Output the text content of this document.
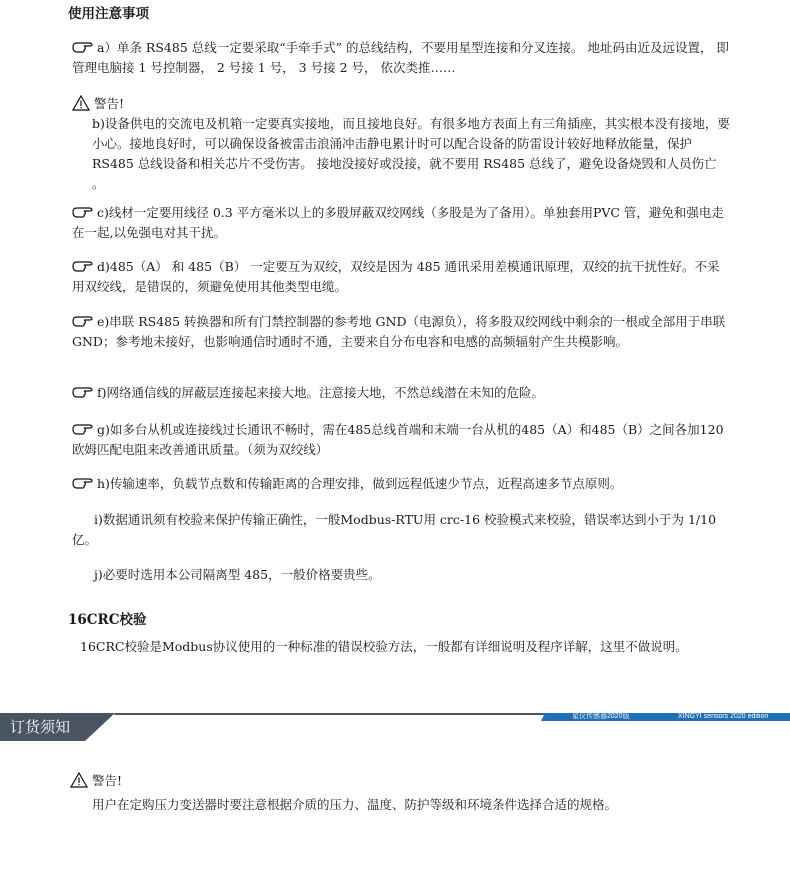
使用注意事项
a）单条 RS485 总线一定要采取“手牵手式” 的总线结构，不要用星型连接和分叉连接。 地址码由近及远设置， 即管理电脑接 1 号控制器， 2 号接 1 号， 3 号接 2 号， 依次类推……
警告!
b)设备供电的交流电及机箱一定要真实接地，而且接地良好。有很多地方表面上有三角插座，其实根本没有接地，要小心。接地良好时，可以确保设备被雷击浪涌冲击静电累计时可以配合设备的防雷设计较好地释放能量，保护RS485 总线设备和相关芯片不受伤害。 接地没接好或没接，就不要用 RS485 总线了，避免设备烧毁和人员伤亡 。
c)线材一定要用线径 0.3 平方毫米以上的多股屏蔽双绞网线（多股是为了备用）。单独套用PVC 管，避免和强电走在一起,以免强电对其干扰。
d)485（A） 和 485（B） 一定要互为双绞，双绞是因为 485 通讯采用差模通讯原理，双绞的抗干扰性好。不采用双绞线，是错误的，须避免使用其他类型电缆。
e)串联 RS485 转换器和所有门禁控制器的参考地 GND（电源负），将多股双绞网线中剩余的一根或全部用于串联 GND；参考地未接好，也影响通信时通时不通，主要来自分布电容和电感的高频辐射产生共模影响。
f)网络通信线的屏蔽层连接起来接大地。注意接大地，不然总线潜在未知的危险。
g)如多台从机或连接线过长通讯不畅时，需在485总线首端和末端一台从机的485（A）和485（B）之间各加120欧姆匹配电阻来改善通讯质量。（须为双绞线）
h)传输速率，负载节点数和传输距离的合理安排，做到远程低速少节点，近程高速多节点原则。
i)数据通讯须有校验来保护传输正确性，一般Modbus-RTU用 crc-16 校验模式来校验，错误率达到小于为 1/10 亿。
j)必要时选用本公司隔离型 485，一般价格要贵些。
16CRC校验
16CRC校验是Modbus协议使用的一种标准的错误校验方法，一般都有详细说明及程序详解，这里不做说明。
订货须知
星仪传感器2020版	XINGYI sensors 2020 edition
警告!
用户在定购压力变送器时要注意根据介质的压力、温度、防护等级和环境条件选择合适的规格。
